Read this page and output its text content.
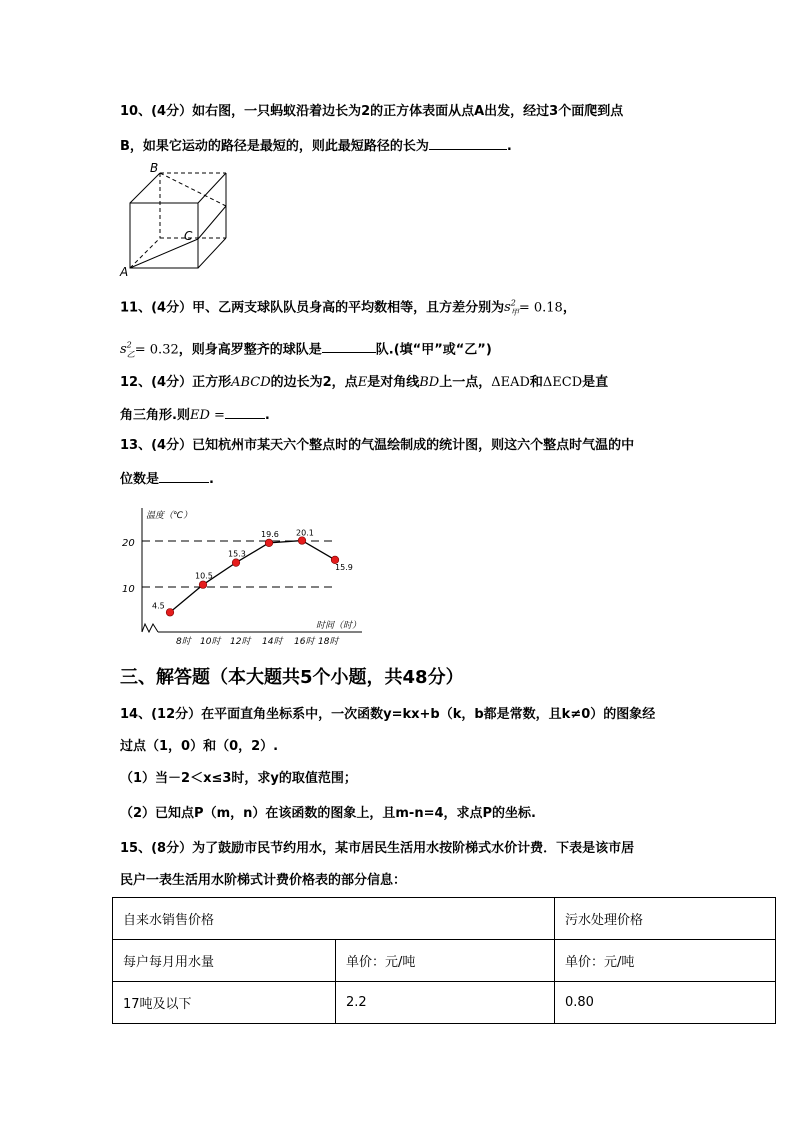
10、(4分）如右图，一只蚂蚁沿着边长为2的正方体表面从点A出发，经过3个面爬到点
B，如果它运动的路径是最短的，则此最短路径的长为	.
B
C
A
11、(4分）甲、乙两支球队队员身高的平均数相等，且方差分别为$s^2_甲= 0.18$，
$s^2_乙= 0.32$，则身高罗整齐的球队是	队.(填“甲”或“乙”)
12、(4分）正方形ABCD的边长为2，点E是对角线BD上一点，ΔEAD和ΔECD是直
角三角形.则ED =	.
13、(4分）已知杭州市某天六个整点时的气温绘制成的统计图，则这六个整点时气温的中
位数是	.
20
10
温度（℃）
时间（时）
4.5
10.5
15.3
19.6 20.1
15.9
8时 10时 12时 14时 16时 18时
三、解答题（本大题共5个小题，共48分）
14、(12分）在平面直角坐标系中，一次函数y=kx+b（k，b都是常数，且k≠0）的图象经
过点（1，0）和（0，2）.
（1）当－2＜x≤3时，求y的取值范围；
（2）已知点P（m，n）在该函数的图象上，且m-n=4，求点P的坐标.
15、(8分）为了鼓励市民节约用水，某市居民生活用水按阶梯式水价计费．下表是该市居
民户一表生活用水阶梯式计费价格表的部分信息：
自来水销售价格		污水处理价格
每户每月用水量	单价：元/吨	单价：元/吨
17吨及以下	2.2	0.80
